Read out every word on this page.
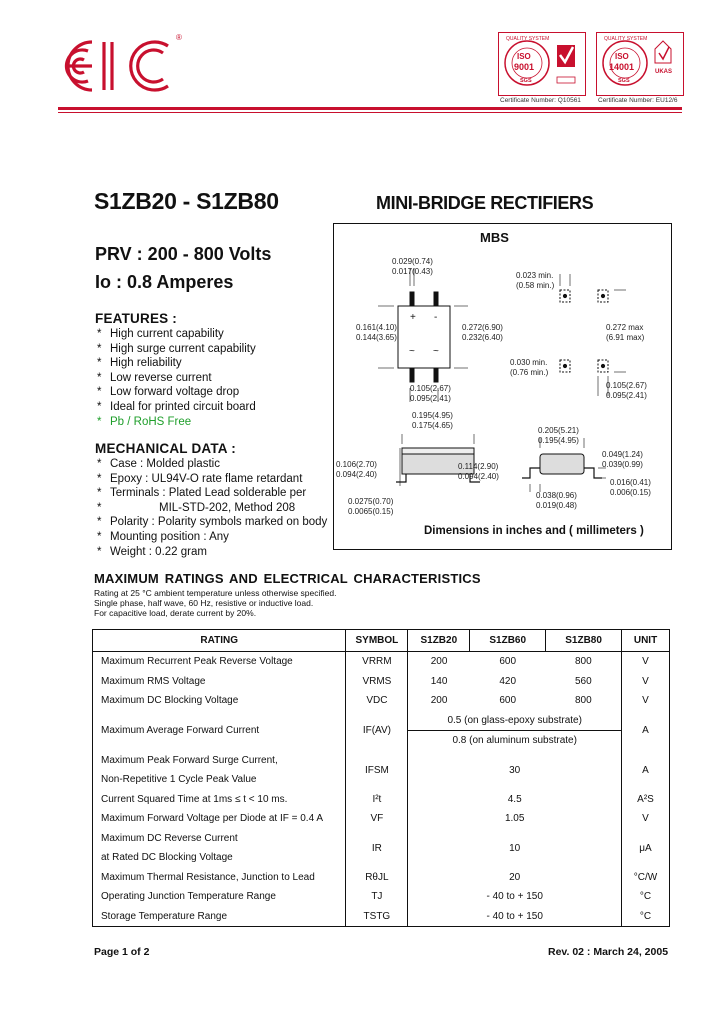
®
ISO
9001
SGS
QUALITY SYSTEM
Certificate Number: Q10561
ISO
14001
SGS
UKAS
QUALITY SYSTEM
Certificate Number: EU12/6
S1ZB20 - S1ZB80	MINI-BRIDGE RECTIFIERS
PRV : 200 - 800 Volts
Io : 0.8 Amperes
FEATURES :
* High current capability
* High surge current capability
* High reliability
* Low reverse current
* Low forward voltage drop
* Ideal for printed circuit board
* Pb / RoHS Free
MECHANICAL DATA :
* Case : Molded plastic
* Epoxy : UL94V-O rate flame retardant
* Terminals : Plated Lead solderable per
* MIL-STD-202, Method 208
* Polarity : Polarity symbols marked on body
* Mounting position : Any
* Weight : 0.22 gram
MBS
+ -
~ ~
0.029(0.74)
0.017(0.43)
0.161(4.10)
0.144(3.65)
0.272(6.90)
0.232(6.40)
0.105(2.67)
0.095(2.41)
0.023 min.
(0.58 min.)
0.272 max
(6.91 max)
0.030 min.
(0.76 min.)
0.105(2.67)
0.095(2.41)
0.195(4.95)
0.175(4.65)
0.106(2.70)
0.094(2.40)
0.114(2.90)
0.094(2.40)
0.0275(0.70)
0.0065(0.15)
0.205(5.21)
0.195(4.95)
0.049(1.24)
0.039(0.99)
0.016(0.41)
0.006(0.15)
0.038(0.96)
0.019(0.48)
Dimensions in inches and ( millimeters )
MAXIMUM RATINGS AND ELECTRICAL CHARACTERISTICS
Rating at 25 °C ambient temperature unless otherwise specified.
Single phase, half wave, 60 Hz, resistive or inductive load.
For capacitive load, derate current by 20%.
RATING	SYMBOL	S1ZB20	S1ZB60	S1ZB80	UNIT
Maximum Recurrent Peak Reverse Voltage	VRRM	200	600	800	V
Maximum RMS Voltage	VRMS	140	420	560	V
Maximum DC Blocking Voltage	VDC	200	600	800	V
Maximum Average Forward Current	IF(AV)	0.5 (on glass-epoxy substrate)			A
		0.8 (on aluminum substrate)			

Maximum Peak Forward Surge Current,
Non-Repetitive 1 Cycle Peak Value	IFSM	30			A
Current Squared Time at 1ms ≤ t < 10 ms.	I²t	4.5			A²S
Maximum Forward Voltage per Diode at IF = 0.4 A	VF	1.05			V

Maximum DC Reverse Current
at Rated DC Blocking Voltage	IR	10			μA
Maximum Thermal Resistance, Junction to Lead	RθJL	20			°C/W
Operating Junction Temperature Range	TJ	- 40 to + 150			°C
Storage Temperature Range	TSTG	- 40 to + 150			°C
Page 1 of 2	Rev. 02 : March 24, 2005
